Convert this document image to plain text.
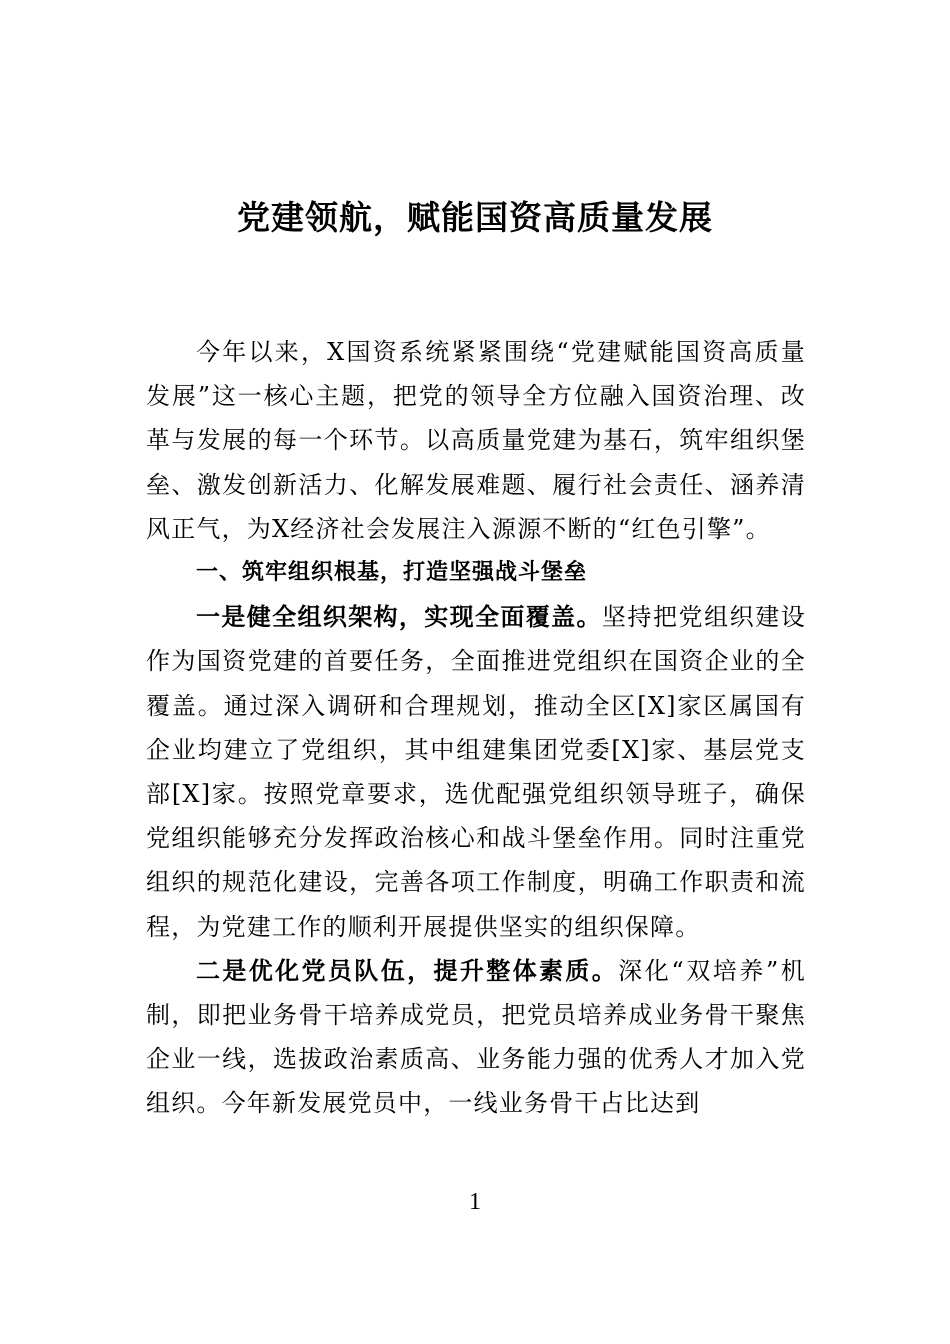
党建领航，赋能国资高质量发展

今年以来，X国资系统紧紧围绕“党建赋能国资高质量发展”这一核心主题，把党的领导全方位融入国资治理、改革与发展的每一个环节。以高质量党建为基石，筑牢组织堡垒、激发创新活力、化解发展难题、履行社会责任、涵养清风正气，为X经济社会发展注入源源不断的“红色引擎”。

一、筑牢组织根基，打造坚强战斗堡垒

一是健全组织架构，实现全面覆盖。坚持把党组织建设作为国资党建的首要任务，全面推进党组织在国资企业的全覆盖。通过深入调研和合理规划，推动全区[X]家区属国有企业均建立了党组织，其中组建集团党委[X]家、基层党支部[X]家。按照党章要求，选优配强党组织领导班子，确保党组织能够充分发挥政治核心和战斗堡垒作用。同时注重党组织的规范化建设，完善各项工作制度，明确工作职责和流程，为党建工作的顺利开展提供坚实的组织保障。

二是优化党员队伍，提升整体素质。深化“双培养”机制，即把业务骨干培养成党员，把党员培养成业务骨干聚焦企业一线，选拔政治素质高、业务能力强的优秀人才加入党组织。今年新发展党员中，一线业务骨干占比达到

1
